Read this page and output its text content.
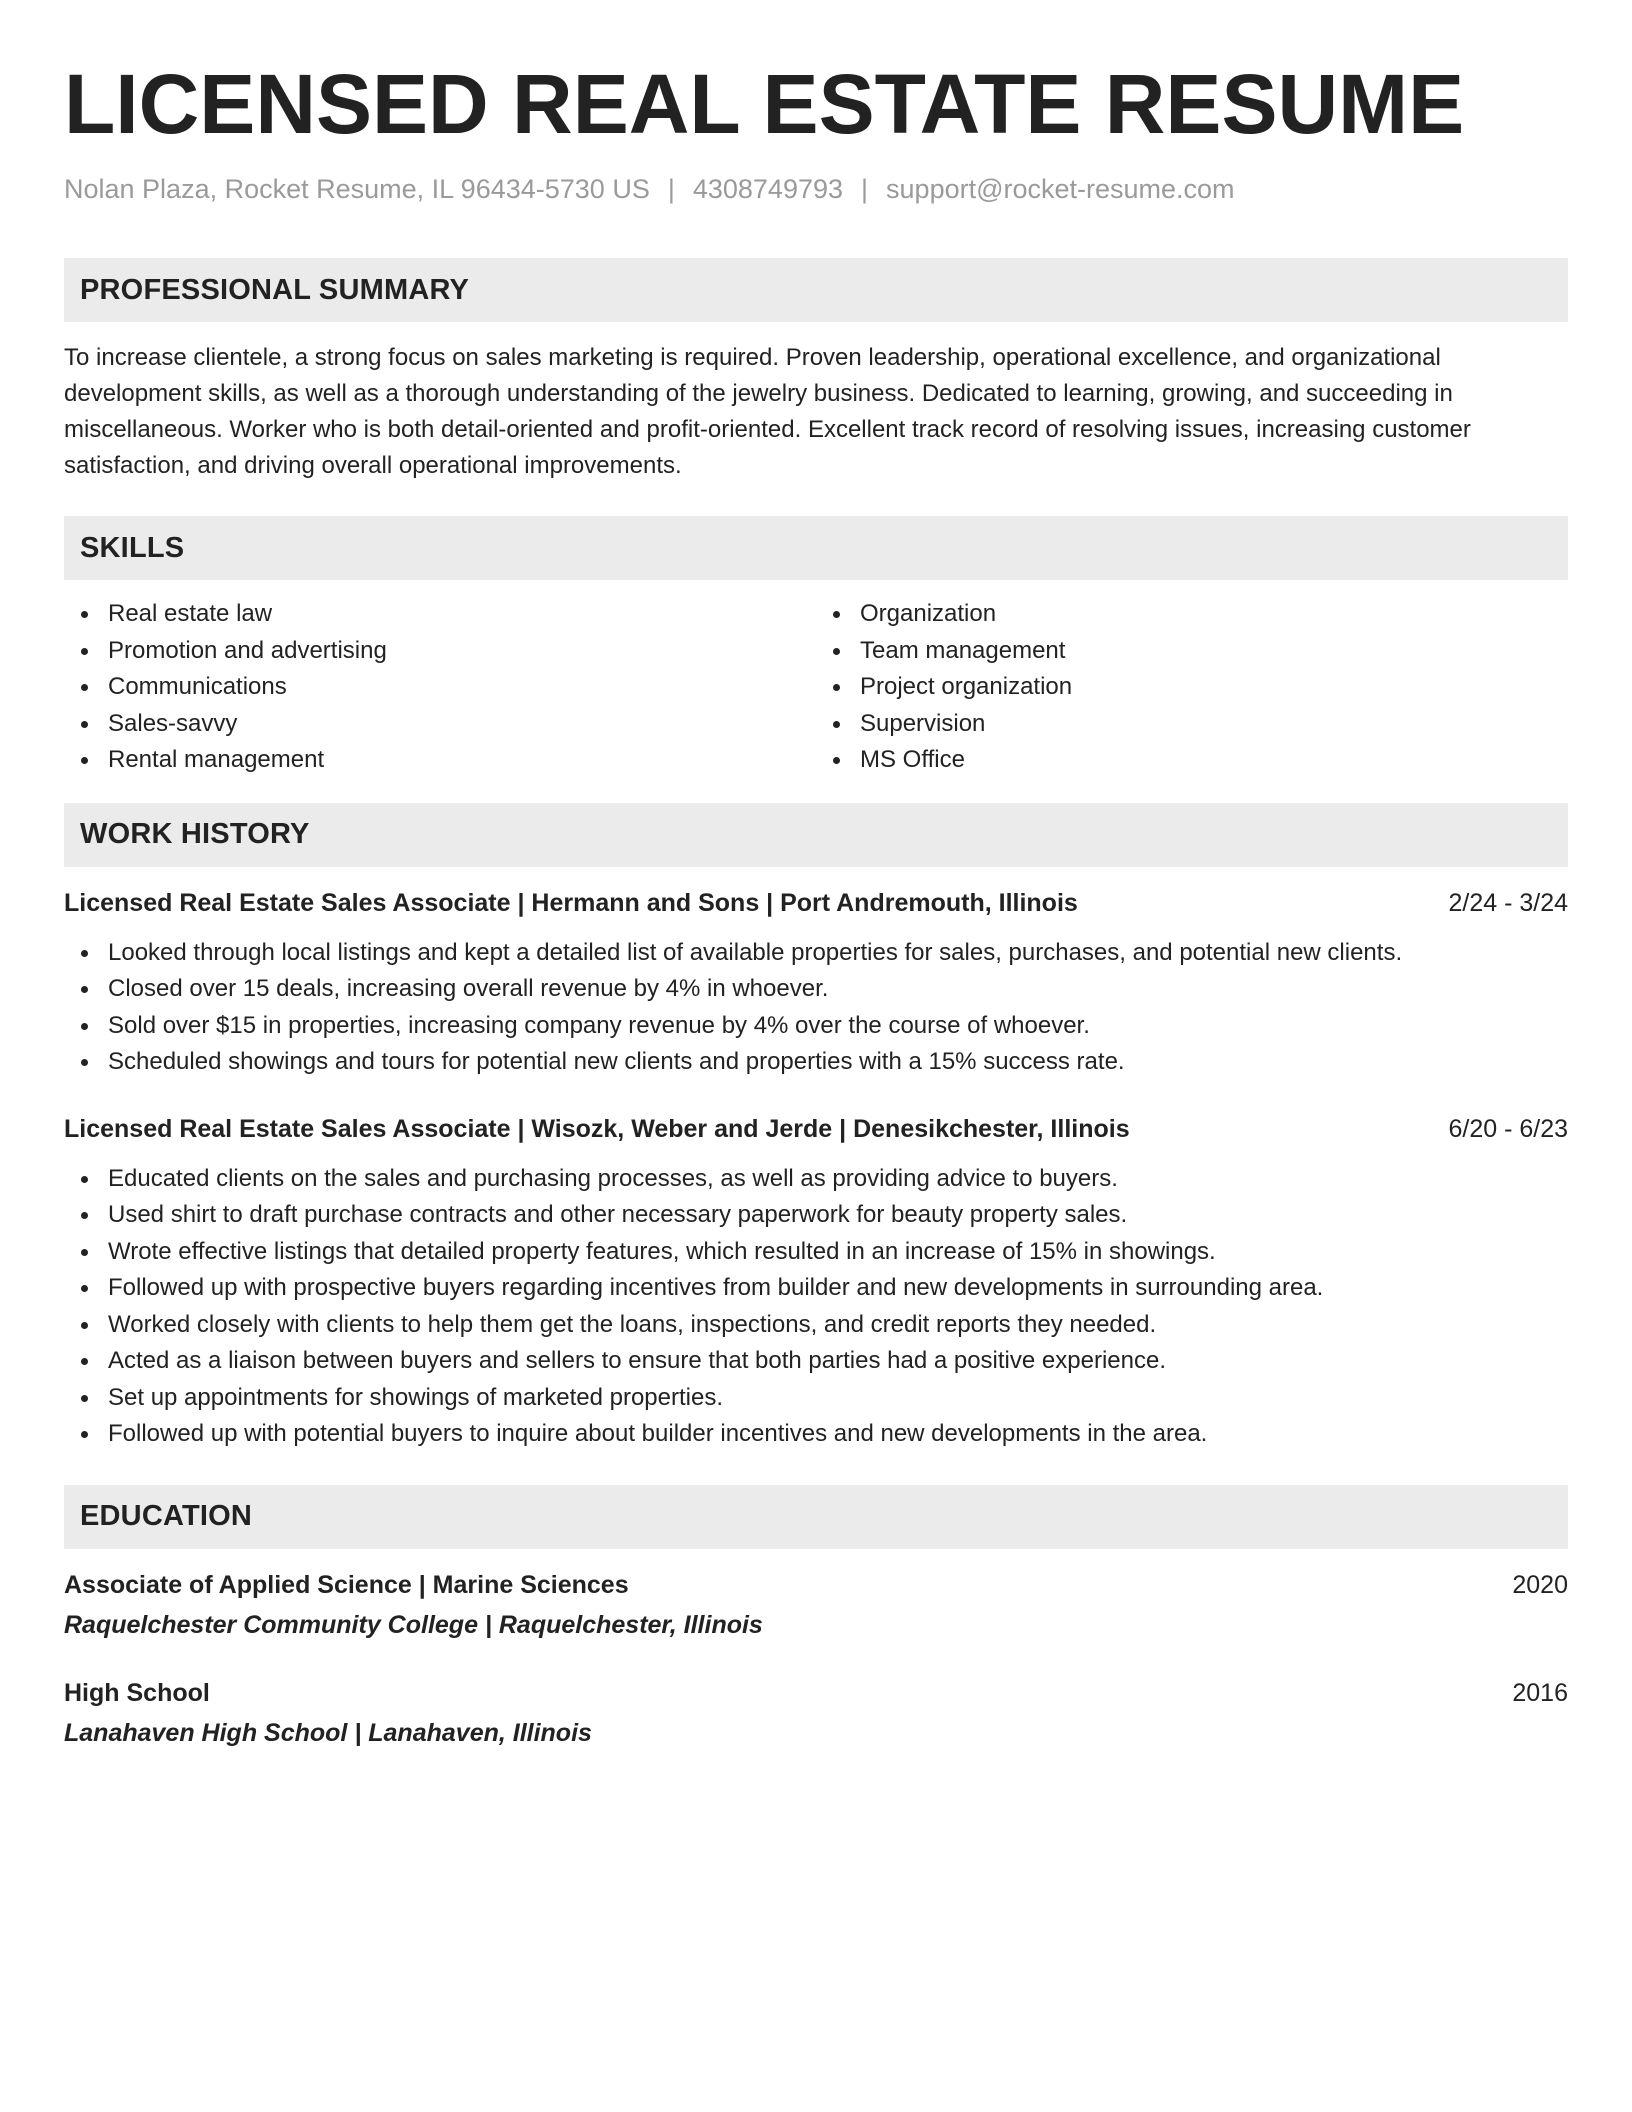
LICENSED REAL ESTATE RESUME
Nolan Plaza, Rocket Resume, IL 96434-5730 US | 4308749793 | support@rocket-resume.com
PROFESSIONAL SUMMARY

To increase clientele, a strong focus on sales marketing is required. Proven leadership, operational excellence, and organizational development skills, as well as a thorough understanding of the jewelry business. Dedicated to learning, growing, and succeeding in miscellaneous. Worker who is both detail-oriented and profit-oriented. Excellent track record of resolving issues, increasing customer satisfaction, and driving overall operational improvements.

SKILLS
Real estate law
Promotion and advertising
Communications
Sales-savvy
Rental management
Organization
Team management
Project organization
Supervision
MS Office
WORK HISTORY
Licensed Real Estate Sales Associate | Hermann and Sons | Port Andremouth, Illinois	2/24 - 3/24
Looked through local listings and kept a detailed list of available properties for sales, purchases, and potential new clients.
Closed over 15 deals, increasing overall revenue by 4% in whoever.
Sold over $15 in properties, increasing company revenue by 4% over the course of whoever.
Scheduled showings and tours for potential new clients and properties with a 15% success rate.
Licensed Real Estate Sales Associate | Wisozk, Weber and Jerde | Denesikchester, Illinois	6/20 - 6/23
Educated clients on the sales and purchasing processes, as well as providing advice to buyers.
Used shirt to draft purchase contracts and other necessary paperwork for beauty property sales.
Wrote effective listings that detailed property features, which resulted in an increase of 15% in showings.
Followed up with prospective buyers regarding incentives from builder and new developments in surrounding area.
Worked closely with clients to help them get the loans, inspections, and credit reports they needed.
Acted as a liaison between buyers and sellers to ensure that both parties had a positive experience.
Set up appointments for showings of marketed properties.
Followed up with potential buyers to inquire about builder incentives and new developments in the area.
EDUCATION
Associate of Applied Science | Marine Sciences	2020
Raquelchester Community College | Raquelchester, Illinois
High School	2016
Lanahaven High School | Lanahaven, Illinois
